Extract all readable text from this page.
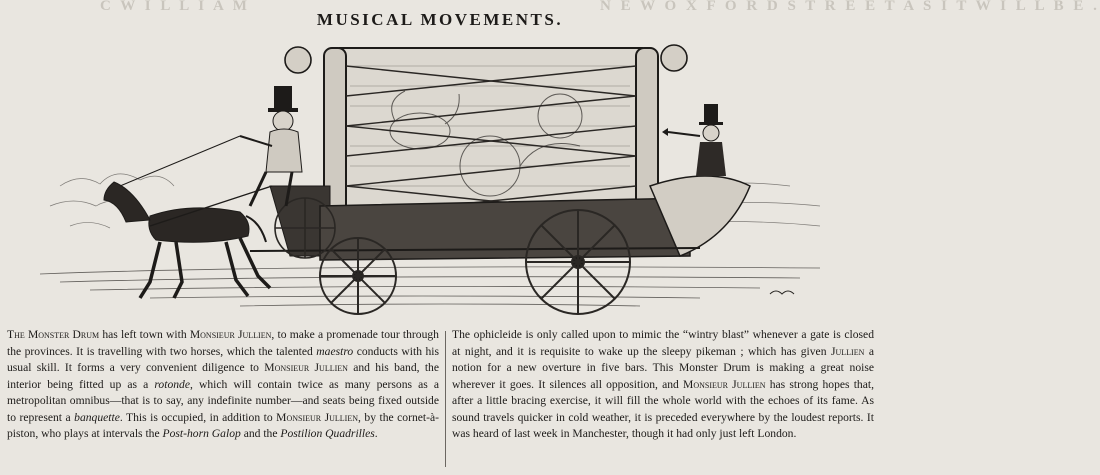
C W I L L I A M	N E W O X F O R D S T R E E T A S I T W I L L B E .
MUSICAL MOVEMENTS.

The Monster Drum has left town with Monsieur Jullien, to make a promenade tour through the provinces. It is travelling with two horses, which the talented maestro conducts with his usual skill. It forms a very convenient diligence to Monsieur Jullien and his band, the interior being fitted up as a rotonde, which will contain twice as many persons as a metropolitan omnibus—that is to say, any indefinite number—and seats being fixed outside to represent a banquette. This is occupied, in addition to Monsieur Jullien, by the cornet-à-piston, who plays at intervals the Post-horn Galop and the Postilion Quadrilles.

The ophicleide is only called upon to mimic the “wintry blast” whenever a gate is closed at night, and it is requisite to wake up the sleepy pikeman ; which has given Jullien a notion for a new overture in five bars. This Monster Drum is making a great noise wherever it goes. It silences all opposition, and Monsieur Jullien has strong hopes that, after a little bracing exercise, it will fill the whole world with the echoes of its fame. As sound travels quicker in cold weather, it is preceded everywhere by the loudest reports. It was heard of last week in Manchester, though it had only just left London.
